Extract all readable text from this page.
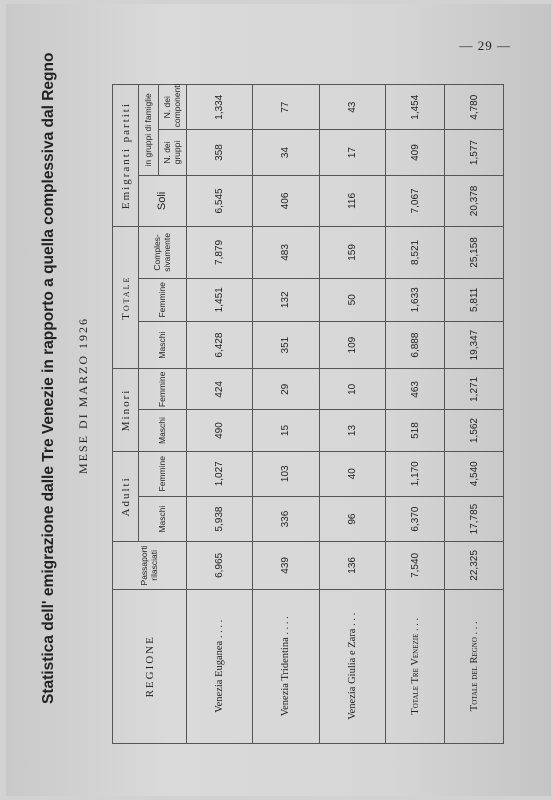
— 29 —
Statistica dell' emigrazione dalle Tre Venezie in rapporto a quella complessiva dal Regno MESE DI MARZO 1926
REGIONE	Passaporti rilasciati	Adulti		Minori		Totale			Emigranti partiti		
		Maschi	Femmine	Maschi	Femmine	Maschi	Femmine	Comples- sivamente	Soli	in gruppi di famiglie	
										N. dei gruppi	N. dei componenti
Venezia Euganea . . . .	6,965	5,938	1,027	490	424	6,428	1,451	7,879	6,545	358	1,334
Venezia Tridentina . . . .	439	336	103	15	29	351	132	483	406	34	77
Venezia Giulia e Zara . . .	136	96	40	13	10	109	50	159	116	17	43
Totale Tre Venezie . . .	7,540	6,370	1,170	518	463	6,888	1,633	8,521	7,067	409	1,454
Totale del Regno . . .	22,325	17,785	4,540	1,562	1,271	19,347	5,811	25,158	20,378	1,577	4,780
